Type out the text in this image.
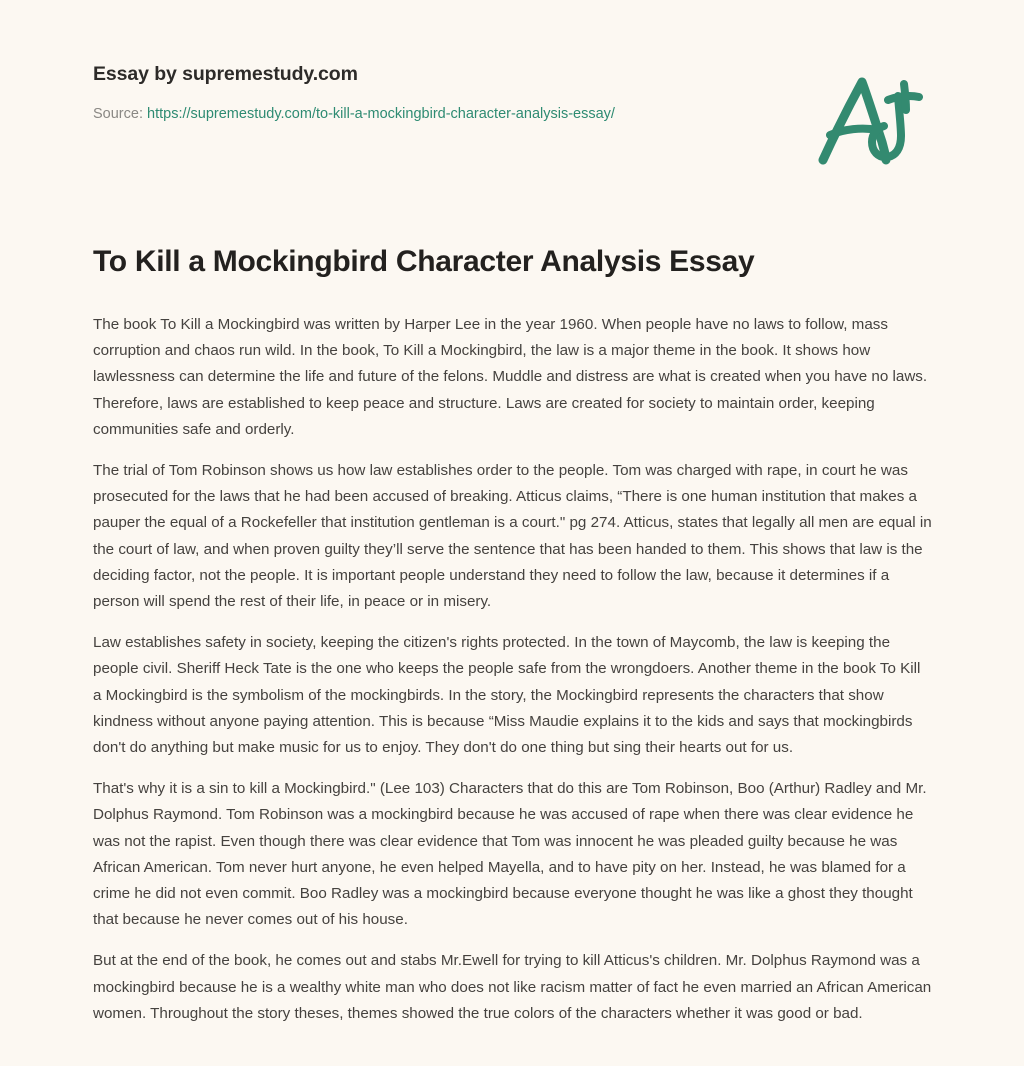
Essay by supremestudy.com

Source: https://supremestudy.com/to-kill-a-mockingbird-character-analysis-essay/
To Kill a Mockingbird Character Analysis Essay

The book To Kill a Mockingbird was written by Harper Lee in the year 1960. When people have no laws to follow, mass corruption and chaos run wild. In the book, To Kill a Mockingbird, the law is a major theme in the book. It shows how lawlessness can determine the life and future of the felons. Muddle and distress are what is created when you have no laws. Therefore, laws are established to keep peace and structure. Laws are created for society to maintain order, keeping communities safe and orderly.

The trial of Tom Robinson shows us how law establishes order to the people. Tom was charged with rape, in court he was prosecuted for the laws that he had been accused of breaking. Atticus claims, “There is one human institution that makes a pauper the equal of a Rockefeller that institution gentleman is a court." pg 274. Atticus, states that legally all men are equal in the court of law, and when proven guilty they’ll serve the sentence that has been handed to them. This shows that law is the deciding factor, not the people. It is important people understand they need to follow the law, because it determines if a person will spend the rest of their life, in peace or in misery.

Law establishes safety in society, keeping the citizen's rights protected. In the town of Maycomb, the law is keeping the people civil. Sheriff Heck Tate is the one who keeps the people safe from the wrongdoers. Another theme in the book To Kill a Mockingbird is the symbolism of the mockingbirds. In the story, the Mockingbird represents the characters that show kindness without anyone paying attention. This is because “Miss Maudie explains it to the kids and says that mockingbirds don't do anything but make music for us to enjoy. They don't do one thing but sing their hearts out for us.

That's why it is a sin to kill a Mockingbird." (Lee 103) Characters that do this are Tom Robinson, Boo (Arthur) Radley and Mr. Dolphus Raymond. Tom Robinson was a mockingbird because he was accused of rape when there was clear evidence he was not the rapist. Even though there was clear evidence that Tom was innocent he was pleaded guilty because he was African American. Tom never hurt anyone, he even helped Mayella, and to have pity on her. Instead, he was blamed for a crime he did not even commit. Boo Radley was a mockingbird because everyone thought he was like a ghost they thought that because he never comes out of his house.

But at the end of the book, he comes out and stabs Mr.Ewell for trying to kill Atticus's children. Mr. Dolphus Raymond was a mockingbird because he is a wealthy white man who does not like racism matter of fact he even married an African American women. Throughout the story theses, themes showed the true colors of the characters whether it was good or bad.
